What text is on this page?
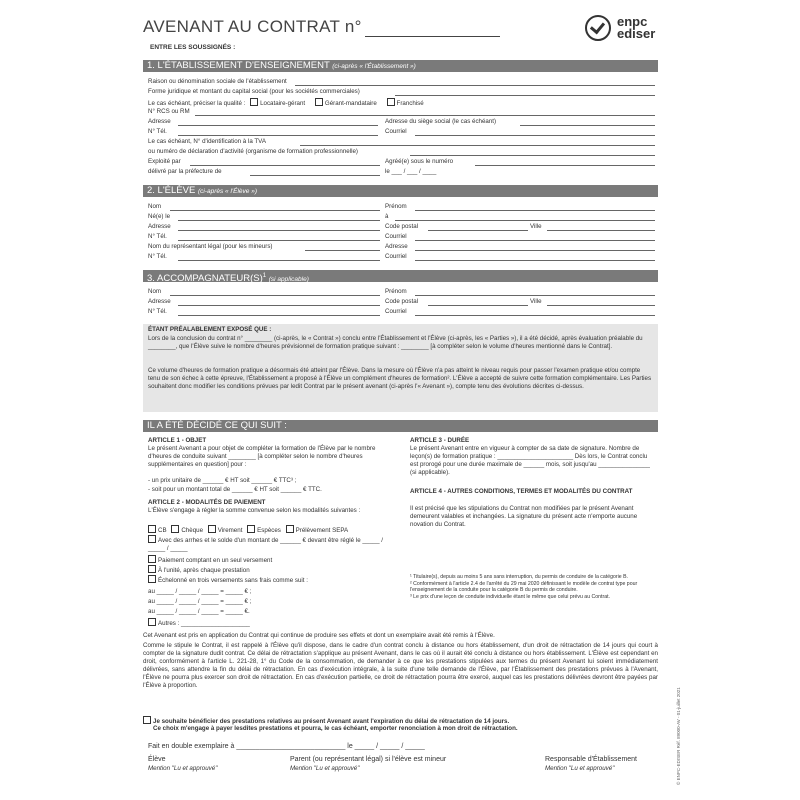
AVENANT AU CONTRAT n°	enpc
ediser
ENTRE LES SOUSSIGNÉS :
1. L'ÉTABLISSEMENT D'ENSEIGNEMENT (ci-après « l'Établissement »)
Raison ou dénomination sociale de l'établissement
Forme juridique et montant du capital social (pour les sociétés commerciales)
Le cas échéant, préciser la qualité : Locataire-gérant	Gérant-mandataire	Franchisé
N° RCS ou RM
Adresse	Adresse du siège social (le cas échéant)
N° Tél.	Courriel
Le cas échéant, N° d'identification à la TVA
ou numéro de déclaration d'activité (organisme de formation professionnelle)
Exploité par	Agréé(e) sous le numéro
délivré par la préfecture de	le ___ / ___ / ____
2. L'ÉLÈVE (ci-après « l'Élève »)
Nom	Prénom
Né(e) le	à
Adresse	Code postal	Ville
N° Tél.	Courriel
Nom du représentant légal (pour les mineurs)	Adresse
N° Tél.	Courriel
3. $ACCOMPAGNATEUR(S)^1$ (si applicable)
Nom	Prénom
Adresse	Code postal	Ville
N° Tél.	Courriel
ÉTANT PRÉALABLEMENT EXPOSÉ QUE :
Lors de la conclusion du contrat n° ________ (ci-après, le « Contrat ») conclu entre l'Établissement et l'Élève (ci-après, les « Parties »), il a été décidé, après évaluation préalable du ________, que l'Élève suive le nombre d'heures prévisionnel de formation pratique suivant : ________ [à compléter selon le volume d'heures mentionné dans le Contrat].
Ce volume d'heures de formation pratique a désormais été atteint par l'Élève. Dans la mesure où l'Élève n'a pas atteint le niveau requis pour passer l'examen pratique et/ou compte tenu de son échec à cette épreuve, l'Établissement a proposé à l'Élève un complément d'heures de formation². L'Élève a accepté de suivre cette formation complémentaire. Les Parties souhaitent donc modifier les conditions prévues par ledit Contrat par le présent avenant (ci-après l'« Avenant »), compte tenu des évolutions décrites ci-dessus.
IL A ÉTÉ DÉCIDÉ CE QUI SUIT :
ARTICLE 1 - OBJET
Le présent Avenant a pour objet de compléter la formation de l'Élève par le nombre d'heures de conduite suivant ________ [à compléter selon le nombre d'heures supplémentaires en question] pour :
- un prix unitaire de ______ € HT soit ______ € TTC³ ;
- soit pour un montant total de ______ € HT soit ______ € TTC.
ARTICLE 2 - MODALITÉS DE PAIEMENT
L'Élève s'engage à régler la somme convenue selon les modalités suivantes :
CB Chèque Virement Espèces Prélèvement SEPA
Avec des arrhes et le solde d'un montant de ______ € devant être réglé le _____ / _____ / _____
Paiement comptant en un seul versement
À l'unité, après chaque prestation
Échelonné en trois versements sans frais comme suit :
au _____ / _____ / _____ = _____ € ;
au _____ / _____ / _____ = _____ € ;
au _____ / _____ / _____ = _____ €.
Autres : ____________________
ARTICLE 3 - DURÉE
Le présent Avenant entre en vigueur à compter de sa date de signature. Nombre de leçon(s) de formation pratique : ______________________ Dès lors, le Contrat conclu est prorogé pour une durée maximale de ______ mois, soit jusqu'au _______________ (si applicable).
ARTICLE 4 - AUTRES CONDITIONS, TERMES ET MODALITÉS DU CONTRAT
Il est précisé que les stipulations du Contrat non modifiées par le présent Avenant demeurent valables et inchangées. La signature du présent acte n'emporte aucune novation du Contrat.
¹ Titulaire(s), depuis au moins 5 ans sans interruption, du permis de conduire de la catégorie B.
² Conformément à l'article 2.4 de l'arrêté du 29 mai 2020 définissant le modèle de contrat type pour l'enseignement de la conduite pour la catégorie B du permis de conduire.
³ Le prix d'une leçon de conduite individuelle étant le même que celui prévu au Contrat.
Cet Avenant est pris en application du Contrat qui continue de produire ses effets et dont un exemplaire avait été remis à l'Élève.
Comme le stipule le Contrat, il est rappelé à l'Élève qu'il dispose, dans le cadre d'un contrat conclu à distance ou hors établissement, d'un droit de rétractation de 14 jours qui court à compter de la signature dudit contrat. Ce délai de rétractation s'applique au présent Avenant, dans le cas où il aurait été conclu à distance ou hors établissement. L'Élève est cependant en droit, conformément à l'article L. 221-28, 1° du Code de la consommation, de demander à ce que les prestations stipulées aux termes du présent Avenant lui soient immédiatement délivrées, sans attendre la fin du délai de rétractation. En cas d'exécution intégrale, à la suite d'une telle demande de l'Élève, par l'Établissement des prestations prévues à l'Avenant, l'Élève ne pourra plus exercer son droit de rétractation. En cas d'exécution partielle, ce droit de rétractation pourra être exercé, auquel cas les prestations délivrées devront être payées par l'Élève à proportion.
Je souhaite bénéficier des prestations relatives au présent Avenant avant l'expiration du délai de rétractation de 14 jours.
Ce choix m'engage à payer lesdites prestations et pourra, le cas échéant, emporter renonciation à mon droit de rétractation.
Fait en double exemplaire à ____________________________ le _____ / _____ / _____
Élève
Mention "Lu et approuvé"
Parent (ou représentant légal) si l'élève est mineur
Mention "Lu et approuvé"
Responsable d'Établissement
Mention "Lu et approuvé"	© ENPC-EDISER Réf. 89000-AV - 01-juillet 2021
